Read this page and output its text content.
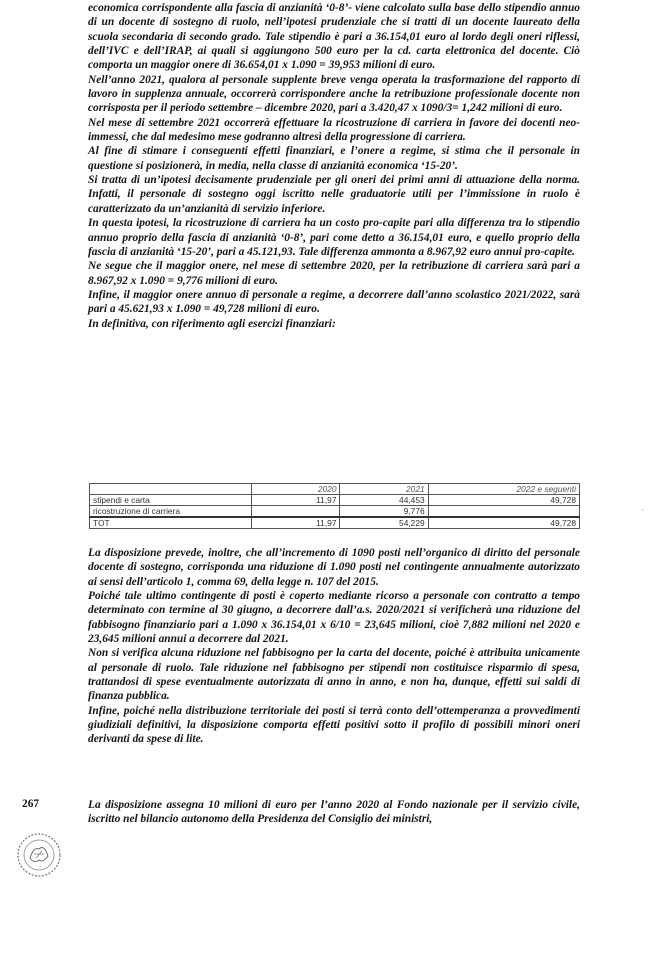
economica corrispondente alla fascia di anzianità ‘0-8’- viene calcolato sulla base dello stipendio annuo di un docente di sostegno di ruolo, nell’ipotesi prudenziale che si tratti di un docente laureato della scuola secondaria di secondo grado. Tale stipendio è pari a 36.154,01 euro al lordo degli oneri riflessi, dell’IVC e dell’IRAP, ai quali si aggiungono 500 euro per la cd. carta elettronica del docente. Ciò comporta un maggior onere di 36.654,01 x 1.090 = 39,953 milioni di euro.

Nell’anno 2021, qualora al personale supplente breve venga operata la trasformazione del rapporto di lavoro in supplenza annuale, occorrerà corrispondere anche la retribuzione professionale docente non corrisposta per il periodo settembre – dicembre 2020, pari a 3.420,47 x 1090/3= 1,242 milioni di euro.

Nel mese di settembre 2021 occorrerà effettuare la ricostruzione di carriera in favore dei docenti neo-immessi, che dal medesimo mese godranno altresì della progressione di carriera.

Al fine di stimare i conseguenti effetti finanziari, e l’onere a regime, si stima che il personale in questione si posizionerà, in media, nella classe di anzianità economica ‘15-20’.

Si tratta di un’ipotesi decisamente prudenziale per gli oneri dei primi anni di attuazione della norma. Infatti, il personale di sostegno oggi iscritto nelle graduatorie utili per l’immissione in ruolo è caratterizzato da un’anzianità di servizio inferiore.

In questa ipotesi, la ricostruzione di carriera ha un costo pro-capite pari alla differenza tra lo stipendio annuo proprio della fascia di anzianità ‘0-8’, pari come detto a 36.154,01 euro, e quello proprio della fascia di anzianità ‘15-20’, pari a 45.121,93. Tale differenza ammonta a 8.967,92 euro annui pro-capite.

Ne segue che il maggior onere, nel mese di settembre 2020, per la retribuzione di carriera sarà pari a 8.967,92 x 1.090 = 9,776 milioni di euro.

Infine, il maggior onere annuo di personale a regime, a decorrere dall’anno scolastico 2021/2022, sarà pari a 45.621,93 x 1.090 = 49,728 milioni di euro.

In definitiva, con riferimento agli esercizi finanziari:

	2020	2021	2022 e seguenti
stipendi e carta	11,97	44,453	49,728
ricostruzione di carriera		9,776	
TOT	11,97	54,229	49,728

La disposizione prevede, inoltre, che all’incremento di 1090 posti nell’organico di diritto del personale docente di sostegno, corrisponda una riduzione di 1.090 posti nel contingente annualmente autorizzato ai sensi dell’articolo 1, comma 69, della legge n. 107 del 2015.

Poiché tale ultimo contingente di posti è coperto mediante ricorso a personale con contratto a tempo determinato con termine al 30 giugno, a decorrere dall’a.s. 2020/2021 si verificherà una riduzione del fabbisogno finanziario pari a 1.090 x 36.154,01 x 6/10 = 23,645 milioni, cioè 7,882 milioni nel 2020 e 23,645 milioni annui a decorrere dal 2021.

Non si verifica alcuna riduzione nel fabbisogno per la carta del docente, poiché è attribuita unicamente al personale di ruolo. Tale riduzione nel fabbisogno per stipendi non costituisce risparmio di spesa, trattandosi di spese eventualmente autorizzata di anno in anno, e non ha, dunque, effetti sui saldi di finanza pubblica.

Infine, poiché nella distribuzione territoriale dei posti si terrà conto dell’ottemperanza a provvedimenti giudiziali definitivi, la disposizione comporta effetti positivi sotto il profilo di possibili minori oneri derivanti da spese di lite.

267	La disposizione assegna 10 milioni di euro per l’anno 2020 al Fondo nazionale per il servizio civile, iscritto nel bilancio autonomo della Presidenza del Consiglio dei ministri,

ˏ
